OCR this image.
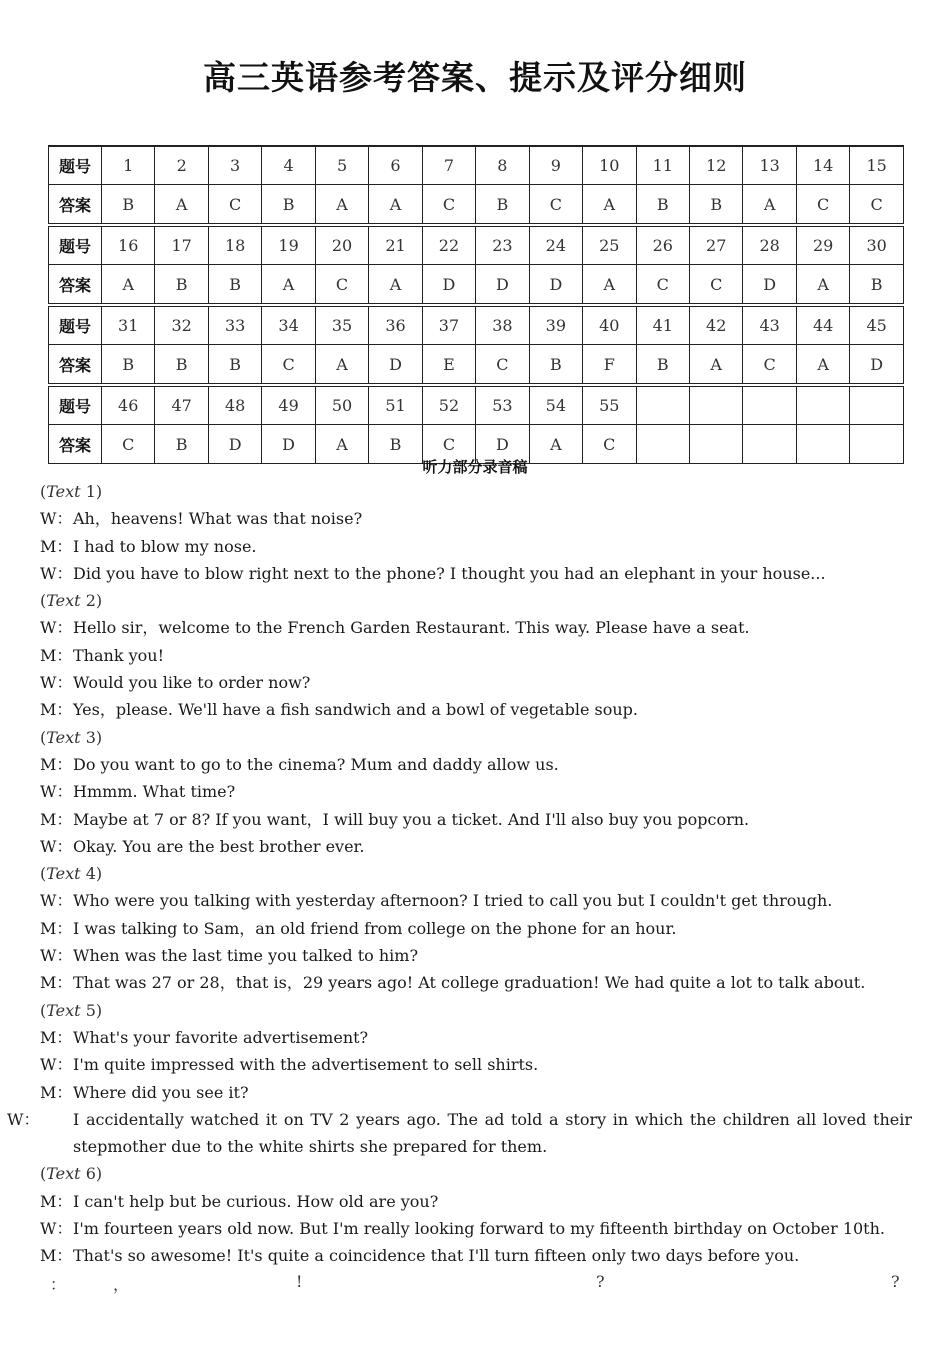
高三英语参考答案、提示及评分细则
题号	1	2	3	4	5	6	7	8	9	10	11	12	13	14	15
答案	B	A	C	B	A	A	C	B	C	A	B	B	A	C	C
题号	16	17	18	19	20	21	22	23	24	25	26	27	28	29	30
答案	A	B	B	A	C	A	D	D	D	A	C	C	D	A	B
题号	31	32	33	34	35	36	37	38	39	40	41	42	43	44	45
答案	B	B	B	C	A	D	E	C	B	F	B	A	C	A	D
题号	46	47	48	49	50	51	52	53	54	55					
答案	C	B	D	D	A	B	C	D	A	C					
听力部分录音稿
(Text 1)
W：Ah，heavens! What was that noise?
M：I had to blow my nose.
W：Did you have to blow right next to the phone? I thought you had an elephant in your house...
(Text 2)
W：Hello sir，welcome to the French Garden Restaurant. This way. Please have a seat.
M：Thank you!
W：Would you like to order now?
M：Yes，please. We'll have a fish sandwich and a bowl of vegetable soup.
(Text 3)
M：Do you want to go to the cinema? Mum and daddy allow us.
W：Hmmm. What time?
M：Maybe at 7 or 8? If you want，I will buy you a ticket. And I'll also buy you popcorn.
W：Okay. You are the best brother ever.
(Text 4)
W：Who were you talking with yesterday afternoon? I tried to call you but I couldn't get through.
M：I was talking to Sam，an old friend from college on the phone for an hour.
W：When was the last time you talked to him?
M：That was 27 or 28，that is，29 years ago! At college graduation! We had quite a lot to talk about.
(Text 5)
M：What's your favorite advertisement?
W：I'm quite impressed with the advertisement to sell shirts.
M：Where did you see it?
W： I accidentally watched it on TV 2 years ago. The ad told a story in which the children all loved their stepmother due to the white shirts she prepared for them.
(Text 6)
M：I can't help but be curious. How old are you?
W：I'm fourteen years old now. But I'm really looking forward to my fifteenth birthday on October 10th.
M：That's so awesome! It's quite a coincidence that I'll turn fifteen only two days before you.
：	，	!	?	?
